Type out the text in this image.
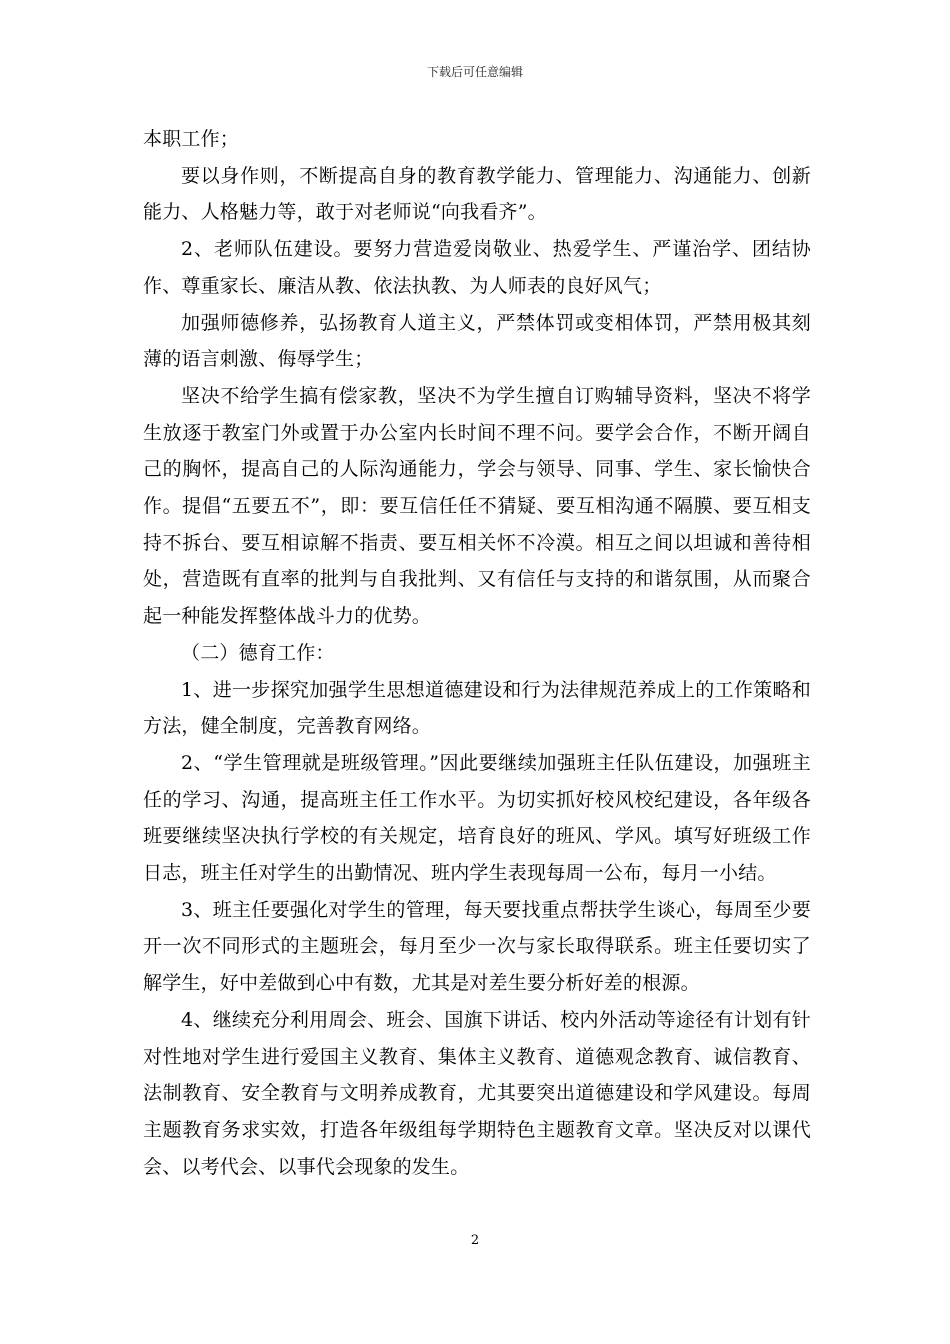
下载后可任意编辑

本职工作；

要以身作则，不断提高自身的教育教学能力、管理能力、沟通能力、创新能力、人格魅力等，敢于对老师说“向我看齐”。

2、老师队伍建设。要努力营造爱岗敬业、热爱学生、严谨治学、团结协作、尊重家长、廉洁从教、依法执教、为人师表的良好风气；

加强师德修养，弘扬教育人道主义，严禁体罚或变相体罚，严禁用极其刻薄的语言刺激、侮辱学生；

坚决不给学生搞有偿家教，坚决不为学生擅自订购辅导资料，坚决不将学生放逐于教室门外或置于办公室内长时间不理不问。要学会合作，不断开阔自己的胸怀，提高自己的人际沟通能力，学会与领导、同事、学生、家长愉快合作。提倡“五要五不”，即：要互信任任不猜疑、要互相沟通不隔膜、要互相支持不拆台、要互相谅解不指责、要互相关怀不冷漠。相互之间以坦诚和善待相处，营造既有直率的批判与自我批判、又有信任与支持的和谐氛围，从而聚合起一种能发挥整体战斗力的优势。

（二）德育工作：

1、进一步探究加强学生思想道德建设和行为法律规范养成上的工作策略和方法，健全制度，完善教育网络。

2、“学生管理就是班级管理。”因此要继续加强班主任队伍建设，加强班主任的学习、沟通，提高班主任工作水平。为切实抓好校风校纪建设，各年级各班要继续坚决执行学校的有关规定，培育良好的班风、学风。填写好班级工作日志，班主任对学生的出勤情况、班内学生表现每周一公布，每月一小结。

3、班主任要强化对学生的管理，每天要找重点帮扶学生谈心，每周至少要开一次不同形式的主题班会，每月至少一次与家长取得联系。班主任要切实了解学生，好中差做到心中有数，尤其是对差生要分析好差的根源。

4、继续充分利用周会、班会、国旗下讲话、校内外活动等途径有计划有针对性地对学生进行爱国主义教育、集体主义教育、道德观念教育、诚信教育、法制教育、安全教育与文明养成教育，尤其要突出道德建设和学风建设。每周主题教育务求实效，打造各年级组每学期特色主题教育文章。坚决反对以课代会、以考代会、以事代会现象的发生。

2
